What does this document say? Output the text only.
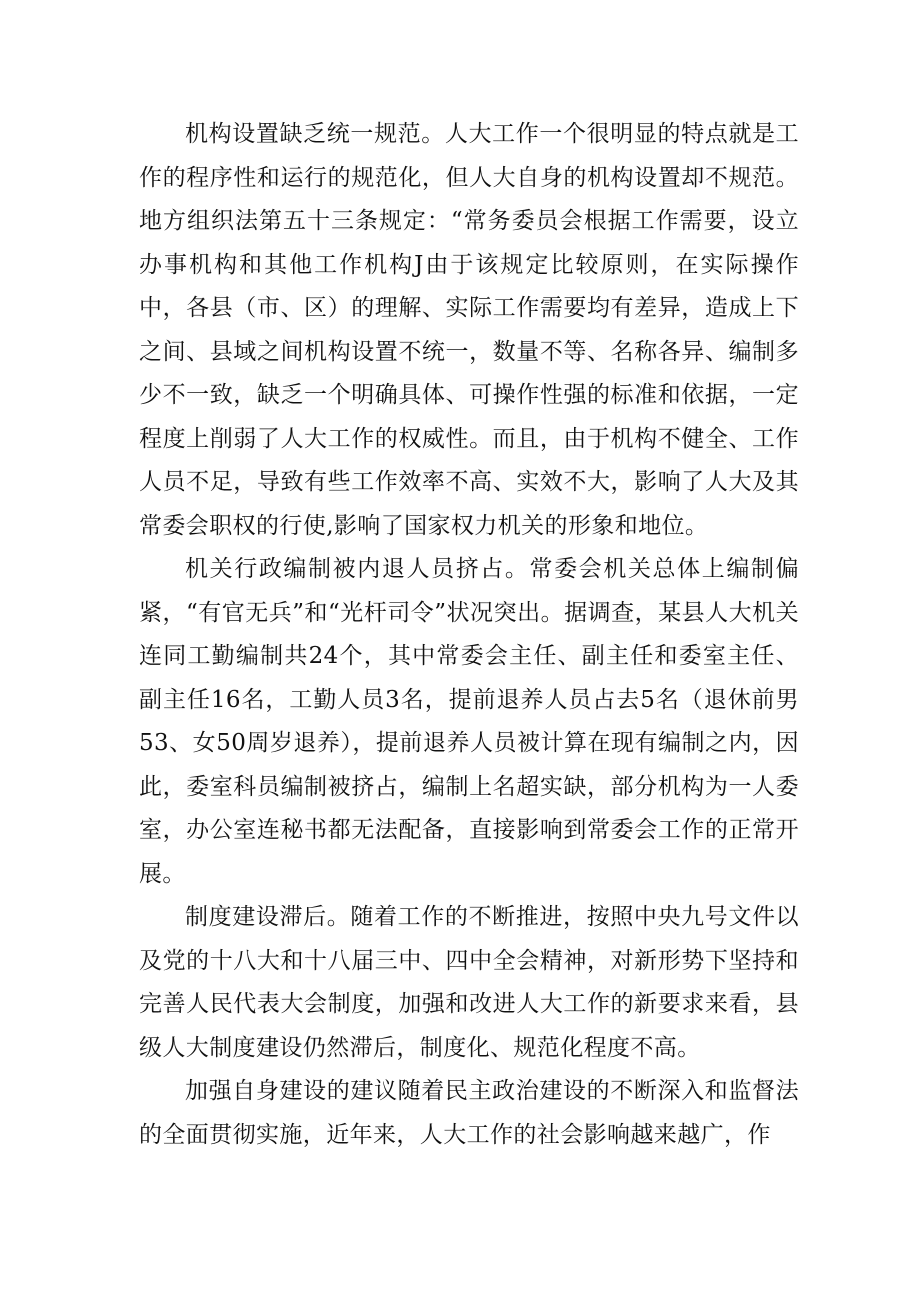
机构设置缺乏统一规范。人大工作一个很明显的特点就是工作的程序性和运行的规范化，但人大自身的机构设置却不规范。地方组织法第五十三条规定：“常务委员会根据工作需要，设立办事机构和其他工作机构J由于该规定比较原则，在实际操作中，各县（市、区）的理解、实际工作需要均有差异，造成上下之间、县域之间机构设置不统一，数量不等、名称各异、编制多少不一致，缺乏一个明确具体、可操作性强的标准和依据，一定程度上削弱了人大工作的权威性。而且，由于机构不健全、工作人员不足，导致有些工作效率不高、实效不大，影响了人大及其常委会职权的行使,影响了国家权力机关的形象和地位。

机关行政编制被内退人员挤占。常委会机关总体上编制偏紧，“有官无兵”和“光杆司令”状况突出。据调查，某县人大机关连同工勤编制共24个，其中常委会主任、副主任和委室主任、副主任16名，工勤人员3名，提前退养人员占去5名（退休前男53、女50周岁退养），提前退养人员被计算在现有编制之内，因此，委室科员编制被挤占，编制上名超实缺，部分机构为一人委室，办公室连秘书都无法配备，直接影响到常委会工作的正常开展。

制度建设滞后。随着工作的不断推进，按照中央九号文件以及党的十八大和十八届三中、四中全会精神，对新形势下坚持和完善人民代表大会制度，加强和改进人大工作的新要求来看，县级人大制度建设仍然滞后，制度化、规范化程度不高。

加强自身建设的建议随着民主政治建设的不断深入和监督法的全面贯彻实施，近年来，人大工作的社会影响越来越广，作
